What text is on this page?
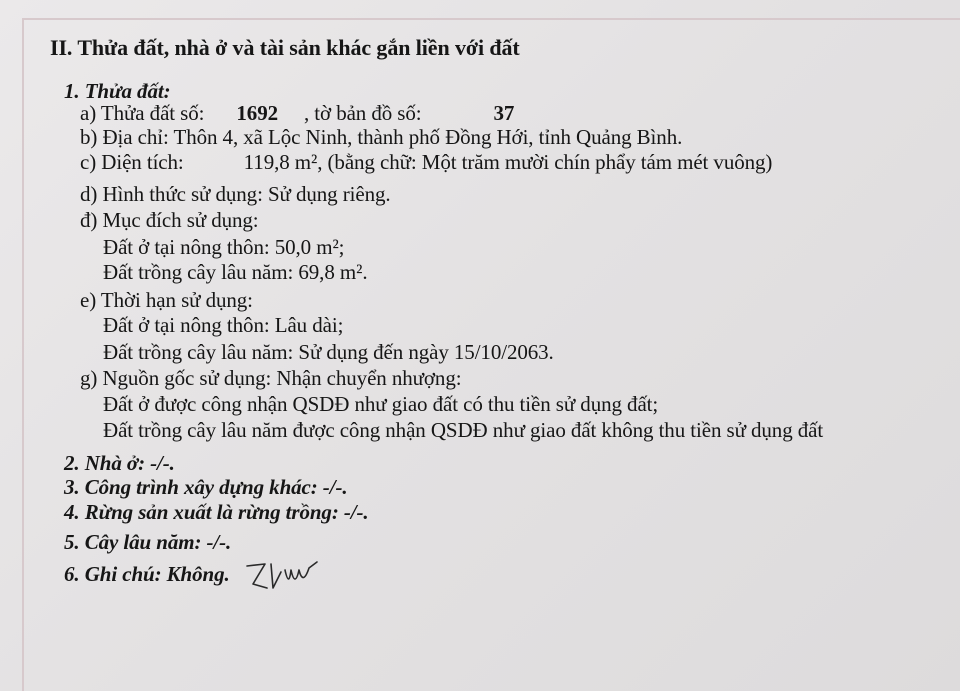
II. Thửa đất, nhà ở và tài sản khác gắn liền với đất
1. Thửa đất:
a) Thửa đất số: 1692 , tờ bản đồ số:	37
b) Địa chỉ: Thôn 4, xã Lộc Ninh, thành phố Đồng Hới, tỉnh Quảng Bình.
c) Diện tích:	119,8 m², (bằng chữ: Một trăm mười chín phẩy tám mét vuông)
d) Hình thức sử dụng: Sử dụng riêng.
đ) Mục đích sử dụng:
Đất ở tại nông thôn: 50,0 m²;
Đất trồng cây lâu năm: 69,8 m².
e) Thời hạn sử dụng:
Đất ở tại nông thôn: Lâu dài;
Đất trồng cây lâu năm: Sử dụng đến ngày 15/10/2063.
g) Nguồn gốc sử dụng: Nhận chuyển nhượng:
Đất ở được công nhận QSDĐ như giao đất có thu tiền sử dụng đất;
Đất trồng cây lâu năm được công nhận QSDĐ như giao đất không thu tiền sử dụng đất
2. Nhà ở: -/-.
3. Công trình xây dựng khác: -/-.
4. Rừng sản xuất là rừng trồng: -/-.
5. Cây lâu năm: -/-.
6. Ghi chú: Không.
